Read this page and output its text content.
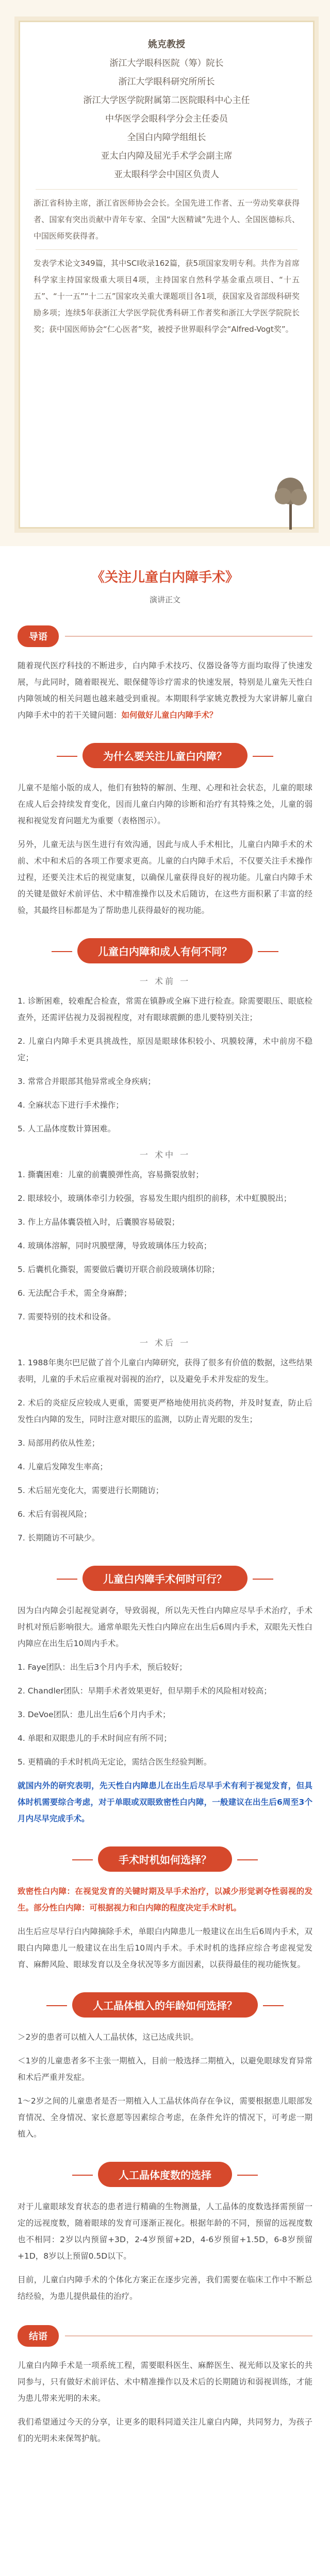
姚克教授
浙江大学眼科医院（筹）院长
浙江大学眼科研究所所长
浙江大学医学院附属第二医院眼科中心主任
中华医学会眼科学分会主任委员
全国白内障学组组长
亚太白内障及屈光手术学会副主席
亚太眼科学会中国区负责人
浙江省科协主席，浙江省医师协会会长。全国先进工作者、五一劳动奖章获得者、国家有突出贡献中青年专家、全国“大医精诚”先进个人、全国医德标兵、中国医师奖获得者。
发表学术论文349篇，其中SCI收录162篇，获5项国家发明专利。共作为首席科学家主持国家级重大项目4项，主持国家自然科学基金重点项目、“十五五”、“十一五”“十二五”国家攻关重大课题项目各1项，获国家及省部级科研奖励多项；连续5年获浙江大学医学院优秀科研工作者奖和浙江大学医学院院长奖；获中国医师协会“仁心医者”奖，被授予世界眼科学会“Alfred-Vogt奖”。
《关注儿童白内障手术》
演讲正文
导语

随着现代医疗科技的不断进步，白内障手术技巧、仪器设备等方面均取得了快速发展，与此同时，随着眼视光、眼保健等诊疗需求的快速发展，特别是儿童先天性白内障领域的相关问题也越来越受到重视。本期眼科学家姚克教授为大家讲解儿童白内障手术中的若干关键问题：如何做好儿童白内障手术？

为什么要关注儿童白内障？

儿童不是缩小版的成人，他们有独特的解剖、生理、心理和社会状态，儿童的眼球在成人后会持续发育变化，因而儿童白内障的诊断和治疗有其特殊之处，儿童的弱视和视觉发育问题尤为重要（表格图示）。

另外，儿童无法与医生进行有效沟通，因此与成人手术相比，儿童白内障手术的术前、术中和术后的各项工作要求更高。儿童的白内障手术后，不仅要关注手术操作过程，还要关注术后的视觉康复，以确保儿童获得良好的视功能。儿童白内障手术的关键是做好术前评估、术中精准操作以及术后随访，在这些方面积累了丰富的经验，其最终目标都是为了帮助患儿获得最好的视功能。

儿童白内障和成人有何不同？
一 术前 一

1. 诊断困难，较难配合检查，常需在镇静或全麻下进行检查。除需要眼压、眼底检查外，还需评估视力及弱视程度，对有眼球震颤的患儿要特别关注；

2. 儿童白内障手术更具挑战性，原因是眼球体积较小、巩膜较薄，术中前房不稳定；

3. 常常合并眼部其他异常或全身疾病；

4. 全麻状态下进行手术操作；

5. 人工晶体度数计算困难。

一 术中 一

1. 撕囊困难：儿童的前囊膜弹性高，容易撕裂放射；

2. 眼球较小，玻璃体牵引力较强，容易发生眼内组织的前移，术中虹膜脱出；

3. 作上方晶体囊袋植入时，后囊膜容易破裂；

4. 玻璃体溶解，同时巩膜壁薄，导致玻璃体压力较高；

5. 后囊机化撕裂，需要做后囊切开联合前段玻璃体切除；

6. 无法配合手术，需全身麻醉；

7. 需要特别的技术和设备。

一 术后 一

1. 1988年奥尔巴尼做了首个儿童白内障研究，获得了很多有价值的数据，这些结果表明，儿童的手术后应重视对弱视的治疗，以及避免手术并发症的发生。

2. 术后的炎症反应较成人更重，需要更严格地使用抗炎药物，并及时复查，防止后发性白内障的发生，同时注意对眼压的监测，以防止青光眼的发生；

3. 局部用药依从性差；

4. 儿童后发障发生率高；

5. 术后屈光变化大，需要进行长期随访；

6. 术后有弱视风险；

7. 长期随访不可缺少。

儿童白内障手术何时可行？

因为白内障会引起视觉剥夺，导致弱视，所以先天性白内障应尽早手术治疗，手术时机对预后影响很大。通常单眼先天性白内障应在出生后6周内手术，双眼先天性白内障应在出生后10周内手术。

1. Faye团队：出生后3个月内手术，预后较好；

2. Chandler团队：早期手术者效果更好，但早期手术的风险相对较高；

3. DeVoe团队：患儿出生后6个月内手术；

4. 单眼和双眼患儿的手术时间应有所不同；

5. 更精确的手术时机尚无定论，需结合医生经验判断。

就国内外的研究表明，先天性白内障患儿在出生后尽早手术有利于视觉发育，但具体时机需要综合考虑，对于单眼或双眼致密性白内障，一般建议在出生后6周至3个月内尽早完成手术。

手术时机如何选择？

致密性白内障：在视觉发育的关键时期及早手术治疗，以减少形觉剥夺性弱视的发生。部分性白内障：可根据视力和白内障的程度决定手术时机。

出生后应尽早行白内障摘除手术，单眼白内障患儿一般建议在出生后6周内手术，双眼白内障患儿一般建议在出生后10周内手术。手术时机的选择应综合考虑视觉发育、麻醉风险、眼球发育以及全身状况等多方面因素，以获得最佳的视功能恢复。

人工晶体植入的年龄如何选择？

＞2岁的患者可以植入人工晶状体，这已达成共识。

＜1岁的儿童患者多不主张一期植入，目前一般选择二期植入，以避免眼球发育异常和术后严重并发症。

1～2岁之间的儿童患者是否一期植入人工晶状体尚存在争议，需要根据患儿眼部发育情况、全身情况、家长意愿等因素综合考虑，在条件允许的情况下，可考虑一期植入。

人工晶体度数的选择

对于儿童眼球发育状态的患者进行精确的生物测量，人工晶体的度数选择需预留一定的远视度数，随着眼球的发育可逐渐正视化。根据年龄的不同，预留的远视度数也不相同：2岁以内预留+3D，2-4岁预留+2D，4-6岁预留+1.5D，6-8岁预留+1D，8岁以上预留0.5D以下。

目前，儿童白内障手术的个体化方案正在逐步完善，我们需要在临床工作中不断总结经验，为患儿提供最佳的治疗。

结语

儿童白内障手术是一项系统工程，需要眼科医生、麻醉医生、视光师以及家长的共同参与，只有做好术前评估、术中精准操作以及术后的长期随访和弱视训练，才能为患儿带来光明的未来。

我们希望通过今天的分享，让更多的眼科同道关注儿童白内障，共同努力，为孩子们的光明未来保驾护航。
